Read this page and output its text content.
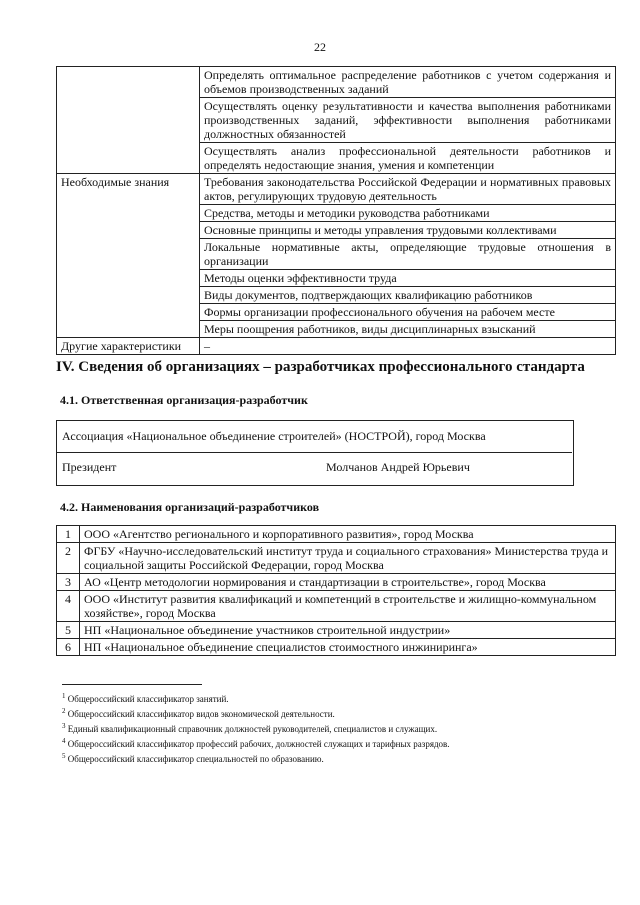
22
	Определять оптимальное распределение работников с учетом содержания и объемов производственных заданий
	Осуществлять оценку результативности и качества выполнения работниками производственных заданий, эффективности выполнения работниками должностных обязанностей
	Осуществлять анализ профессиональной деятельности работников и определять недостающие знания, умения и компетенции
Необходимые знания	Требования законодательства Российской Федерации и нормативных правовых актов, регулирующих трудовую деятельность
	Средства, методы и методики руководства работниками
	Основные принципы и методы управления трудовыми коллективами
	Локальные нормативные акты, определяющие трудовые отношения в организации
	Методы оценки эффективности труда
	Виды документов, подтверждающих квалификацию работников
	Формы организации профессионального обучения на рабочем месте
	Меры поощрения работников, виды дисциплинарных взысканий
Другие характеристики	–
IV. Сведения об организациях – разработчиках профессионального стандарта
4.1. Ответственная организация-разработчик
Ассоциация «Национальное объединение строителей» (НОСТРОЙ), город Москва
Президент	Молчанов Андрей Юрьевич
4.2. Наименования организаций-разработчиков
1	ООО «Агентство регионального и корпоративного развития», город Москва
2	ФГБУ «Научно-исследовательский институт труда и социального страхования» Министерства труда и социальной защиты Российской Федерации, город Москва
3	АО «Центр методологии нормирования и стандартизации в строительстве», город Москва
4	ООО «Институт развития квалификаций и компетенций в строительстве и жилищно-коммунальном хозяйстве», город Москва
5	НП «Национальное объединение участников строительной индустрии»
6	НП «Национальное объединение специалистов стоимостного инжиниринга»
$^1$ Общероссийский классификатор занятий.
$^2$ Общероссийский классификатор видов экономической деятельности.
$^3$ Единый квалификационный справочник должностей руководителей, специалистов и служащих.
$^4$ Общероссийский классификатор профессий рабочих, должностей служащих и тарифных разрядов.
$^5$ Общероссийский классификатор специальностей по образованию.
